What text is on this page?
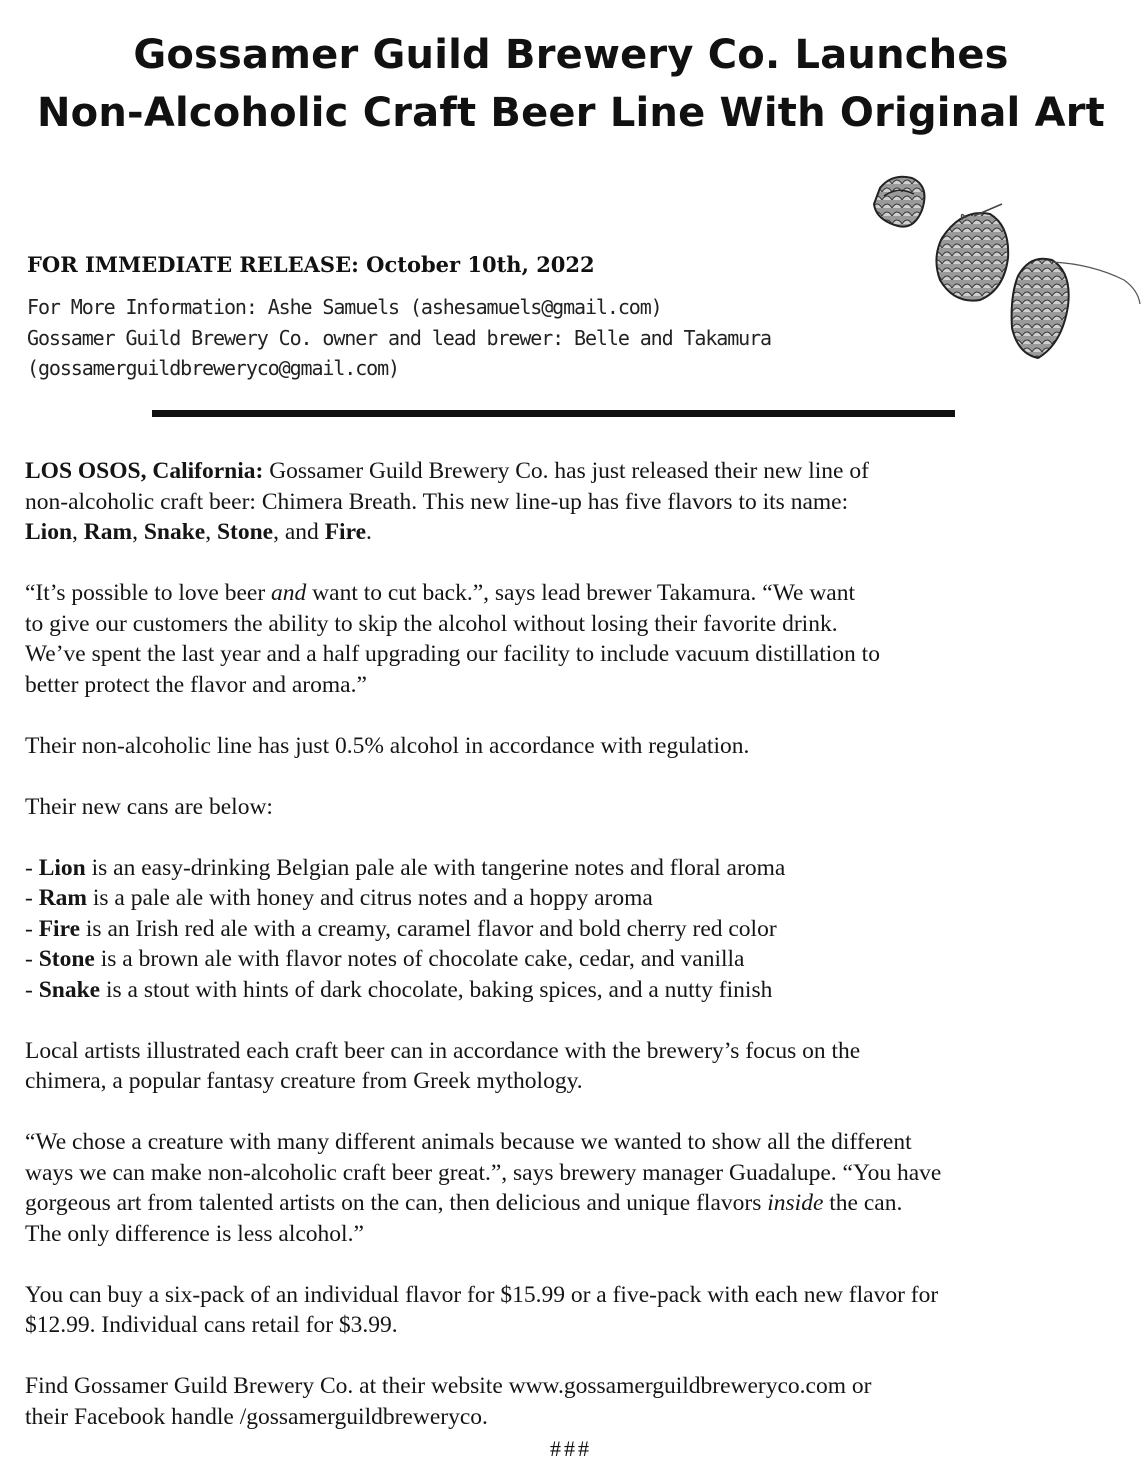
Gossamer Guild Brewery Co. Launches
Non-Alcoholic Craft Beer Line With Original Art
FOR IMMEDIATE RELEASE: October 10th, 2022
For More Information: Ashe Samuels (ashesamuels@gmail.com)
Gossamer Guild Brewery Co. owner and lead brewer: Belle and Takamura
(gossamerguildbreweryco@gmail.com)

LOS OSOS, California: Gossamer Guild Brewery Co. has just released their new line of
non-alcoholic craft beer: Chimera Breath. This new line-up has five flavors to its name:
Lion, Ram, Snake, Stone, and Fire.

“It’s possible to love beer and want to cut back.”, says lead brewer Takamura. “We want
to give our customers the ability to skip the alcohol without losing their favorite drink.
We’ve spent the last year and a half upgrading our facility to include vacuum distillation to
better protect the flavor and aroma.”

Their non-alcoholic line has just 0.5% alcohol in accordance with regulation.

Their new cans are below:

- Lion is an easy-drinking Belgian pale ale with tangerine notes and floral aroma
- Ram is a pale ale with honey and citrus notes and a hoppy aroma
- Fire is an Irish red ale with a creamy, caramel flavor and bold cherry red color
- Stone is a brown ale with flavor notes of chocolate cake, cedar, and vanilla
- Snake is a stout with hints of dark chocolate, baking spices, and a nutty finish

Local artists illustrated each craft beer can in accordance with the brewery’s focus on the
chimera, a popular fantasy creature from Greek mythology.

“We chose a creature with many different animals because we wanted to show all the different
ways we can make non-alcoholic craft beer great.”, says brewery manager Guadalupe. “You have
gorgeous art from talented artists on the can, then delicious and unique flavors inside the can.
The only difference is less alcohol.”

You can buy a six-pack of an individual flavor for $15.99 or a five-pack with each new flavor for
$12.99. Individual cans retail for $3.99.

Find Gossamer Guild Brewery Co. at their website www.gossamerguildbreweryco.com or
their Facebook handle /gossamerguildbreweryco.

###
